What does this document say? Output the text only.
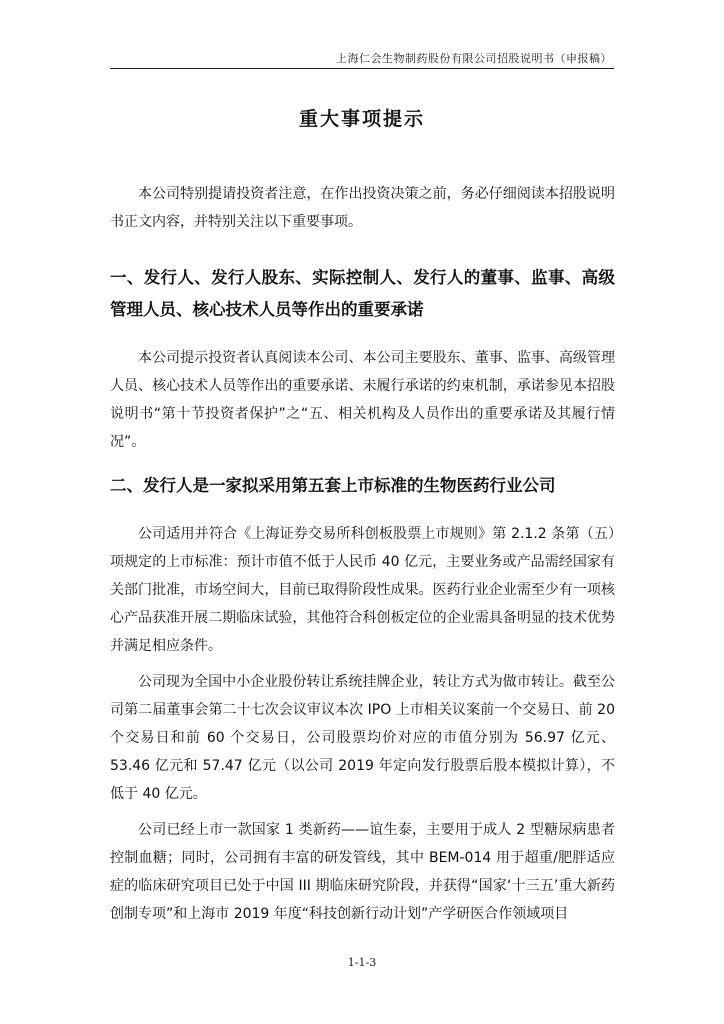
上海仁会生物制药股份有限公司招股说明书（申报稿）
重大事项提示

本公司特别提请投资者注意，在作出投资决策之前，务必仔细阅读本招股说明书正文内容，并特别关注以下重要事项。

一、发行人、发行人股东、实际控制人、发行人的董事、监事、高级管理人员、核心技术人员等作出的重要承诺

本公司提示投资者认真阅读本公司、本公司主要股东、董事、监事、高级管理人员、核心技术人员等作出的重要承诺、未履行承诺的约束机制，承诺参见本招股说明书“第十节投资者保护”之“五、相关机构及人员作出的重要承诺及其履行情况”。

二、发行人是一家拟采用第五套上市标准的生物医药行业公司

公司适用并符合《上海证券交易所科创板股票上市规则》第 2.1.2 条第（五）项规定的上市标准：预计市值不低于人民币 40 亿元，主要业务或产品需经国家有关部门批准，市场空间大，目前已取得阶段性成果。医药行业企业需至少有一项核心产品获准开展二期临床试验，其他符合科创板定位的企业需具备明显的技术优势并满足相应条件。

公司现为全国中小企业股份转让系统挂牌企业，转让方式为做市转让。截至公司第二届董事会第二十七次会议审议本次 IPO 上市相关议案前一个交易日、前 20 个交易日和前 60 个交易日，公司股票均价对应的市值分别为 56.97 亿元、53.46 亿元和 57.47 亿元（以公司 2019 年定向发行股票后股本模拟计算），不低于 40 亿元。

公司已经上市一款国家 1 类新药——谊生泰，主要用于成人 2 型糖尿病患者控制血糖；同时，公司拥有丰富的研发管线，其中 BEM-014 用于超重/肥胖适应症的临床研究项目已处于中国 III 期临床研究阶段，并获得“国家‘十三五’重大新药创制专项”和上海市 2019 年度“科技创新行动计划”产学研医合作领域项目

1-1-3
